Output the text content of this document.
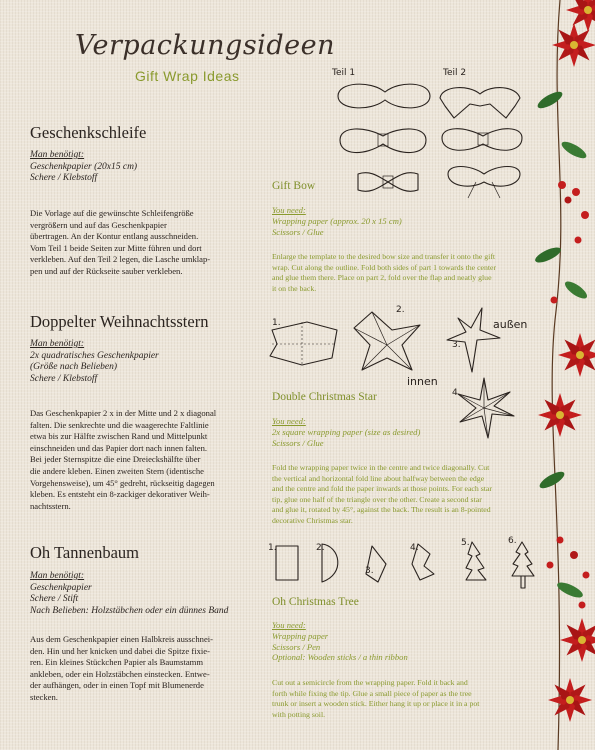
Verpackungsideen
Gift Wrap Ideas
Geschenkschleife
Man benötigt:
Geschenkpapier (20x15 cm)
Schere / Klebstoff
Die Vorlage auf die gewünschte Schleifengröße
vergrößern und auf das Geschenkpapier
übertragen. An der Kontur entlang ausschneiden.
Vom Teil 1 beide Seiten zur Mitte führen und dort
verkleben. Auf den Teil 2 legen, die Lasche umklap-
pen und auf der Rückseite sauber verkleben.
Doppelter Weihnachtsstern
Man benötigt:
2x quadratisches Geschenkpapier
(Größe nach Belieben)
Schere / Klebstoff
Das Geschenkpapier 2 x in der Mitte und 2 x diagonal
falten. Die senkrechte und die waagerechte Faltlinie
etwa bis zur Hälfte zwischen Rand und Mittelpunkt
einschneiden und das Papier dort nach innen falten.
Bei jeder Sternspitze die eine Dreieckshälfte über
die andere kleben. Einen zweiten Stern (identische
Vorgehensweise), um 45° gedreht, rückseitig dagegen
kleben. Es entsteht ein 8-zackiger dekorativer Weih-
nachtsstern.
Oh Tannenbaum
Man benötigt:
Geschenkpapier
Schere / Stift
Nach Belieben: Holzstäbchen oder ein dünnes Band
Aus dem Geschenkpapier einen Halbkreis ausschnei-
den. Hin und her knicken und dabei die Spitze fixie-
ren. Ein kleines Stückchen Papier als Baumstamm
ankleben, oder ein Holzstäbchen einstecken. Entwe-
der aufhängen, oder in einen Topf mit Blumenerde
stecken.
Gift Bow
You need:
Wrapping paper (approx. 20 x 15 cm)
Scissors / Glue
Enlarge the template to the desired bow size and transfer it onto the gift
wrap. Cut along the outline. Fold both sides of part 1 towards the center
and glue them there. Place on part 2, fold over the flap and neatly glue
it on the back.
Double Christmas Star
You need:
2x square wrapping paper (size as desired)
Scissors / Glue
Fold the wrapping paper twice in the centre and twice diagonally. Cut
the vertical and horizontal fold line about halfway between the edge
and the centre and fold the paper inwards at those points. For each star
tip, glue one half of the triangle over the other. Create a second star
and glue it, rotated by 45°, against the back. The result is an 8-pointed
decorative Christmas star.
Oh Christmas Tree
You need:
Wrapping paper
Scissors / Pen
Optional: Wooden sticks / a thin ribbon
Cut out a semicircle from the wrapping paper. Fold it back and
forth while fixing the tip. Glue a small piece of paper as the tree
trunk or insert a wooden stick. Either hang it up or place it in a pot
with potting soil.
Teil 1	Teil 2
1.
2.
3.
4.
außen
innen
1.	2.
3.
4.	5.	6.
